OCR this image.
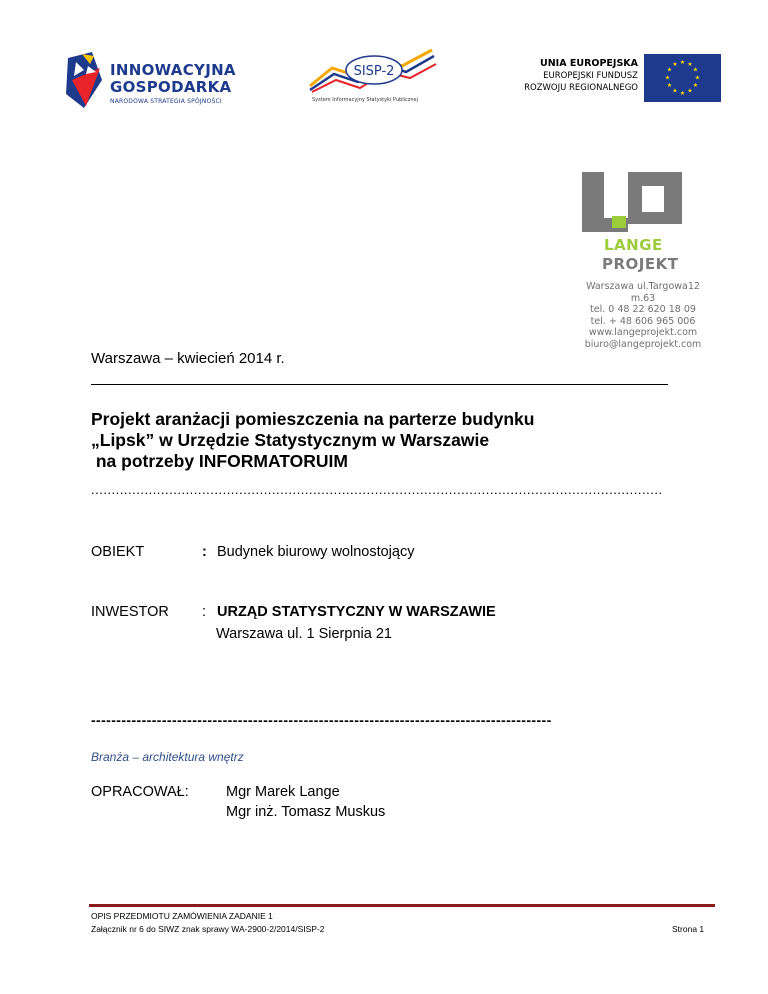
INNOWACYJNA
GOSPODARKA
NARODOWA STRATEGIA SPÓJNOŚCI
SISP-2
System Informacyjny Statystyki Publicznej
UNIA EUROPEJSKA
EUROPEJSKI FUNDUSZ
ROZWOJU REGIONALNEGO
★ ★
★
★
★
★
★
★
★
★
★
★
LANGE
PROJEKT
Warszawa ul.Targowa12 m.63
tel. 0 48 22 620 18 09
tel. + 48 606 965 006
www.langeprojekt.com
biuro@langeprojekt.com
Warszawa – kwiecień 2014 r.
Projekt aranżacji pomieszczenia na parterze budynku
„Lipsk” w Urzędzie Statystycznym w Warszawie
na potrzeby INFORMATORUIM
...........................................................................................................................................
OBIEKT	: Budynek biurowy wolnostojący
INWESTOR : URZĄD STATYSTYCZNY W WARSZAWIE
Warszawa ul. 1 Sierpnia 21
-------------------------------------------------------------------------------------------
Branża – architektura wnętrz
OPRACOWAŁ:	Mgr Marek Lange
Mgr inż. Tomasz Muskus
OPIS PRZEDMIOTU ZAMÓWIENIA ZADANIE 1
Załącznik nr 6 do SIWZ znak sprawy WA-2900-2/2014/SISP-2	Strona 1
